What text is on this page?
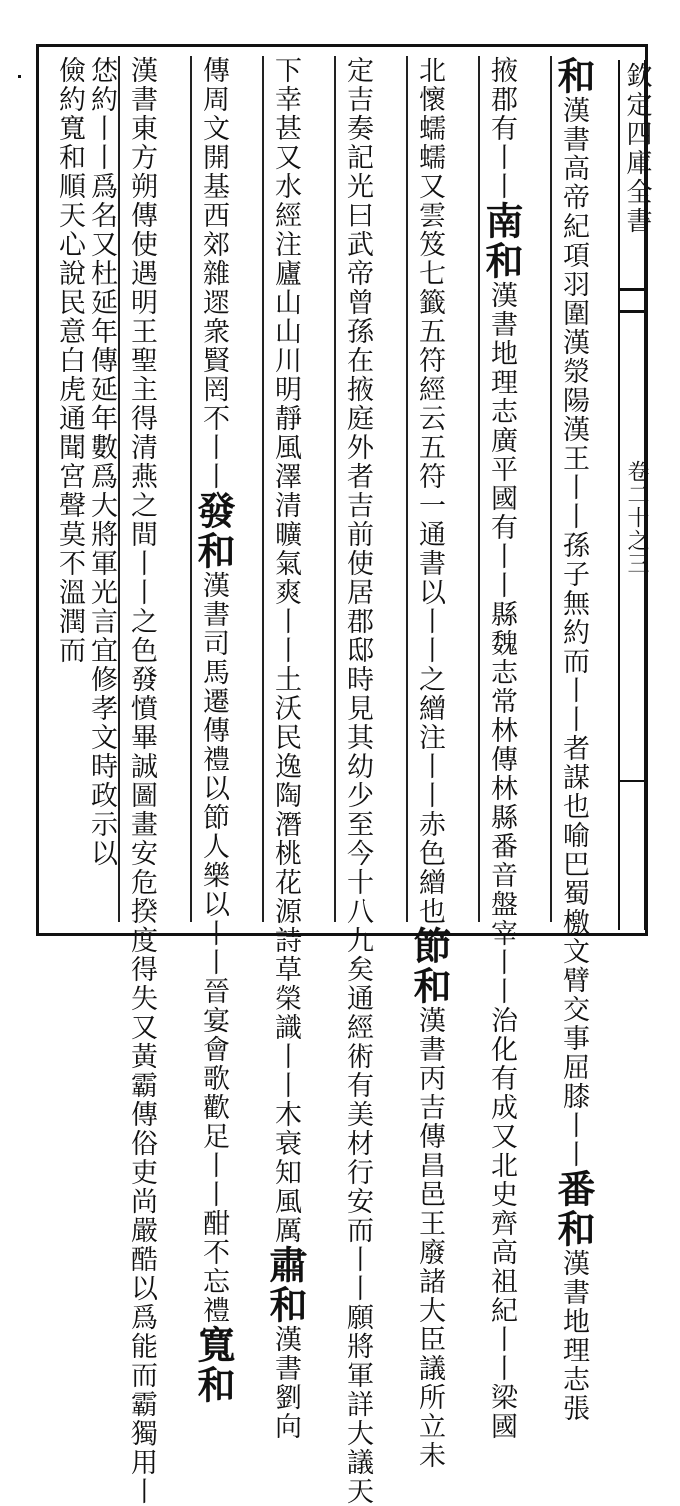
欽定四庫全書
卷二十之三
恷約丨丨爲名又杜延年傳延年數爲大將軍光言宜修孝文時政示以
儉約寬和順天心說民意白虎通聞宮聲莫不溫潤而 漢書東方朔傳使遇明王聖主得清燕之間丨丨之色發憤畢誠圖畫安危揆度得失又黃霸傳俗吏尚嚴酷以爲能而霸獨用丨 傳周文開基西郊雜遝衆賢罔不丨丨發和漢書司馬遷傳禮以節人樂以丨丨晉宴會歌歡足丨丨酣不忘禮寬和
下幸甚又水經注廬山山川明靜風澤清曠氣爽丨丨土沃民逸陶潛桃花源詩草榮識丨丨木衰知風厲肅和漢書劉向 定吉奏記光曰武帝曾孫在掖庭外者吉前使居郡邸時見其幼少至今十八九矣通經術有美材行安而丨丨願將軍詳大議天 北懷蠕蠕又雲笈七籤五符經云五符一通書以丨丨之繒注丨丨赤色繒也節和漢書丙吉傳昌邑王廢諸大臣議所立未
掖郡有丨丨南和漢書地理志廣平國有丨丨縣魏志常林傳林縣番音盤宰丨丨治化有成又北史齊高祖紀丨丨梁國
和漢書高帝紀項羽圍漢滎陽漢王丨丨孫子無約而丨丨者謀也喻巴蜀檄文臂交事屈膝丨丨番和漢書地理志張
